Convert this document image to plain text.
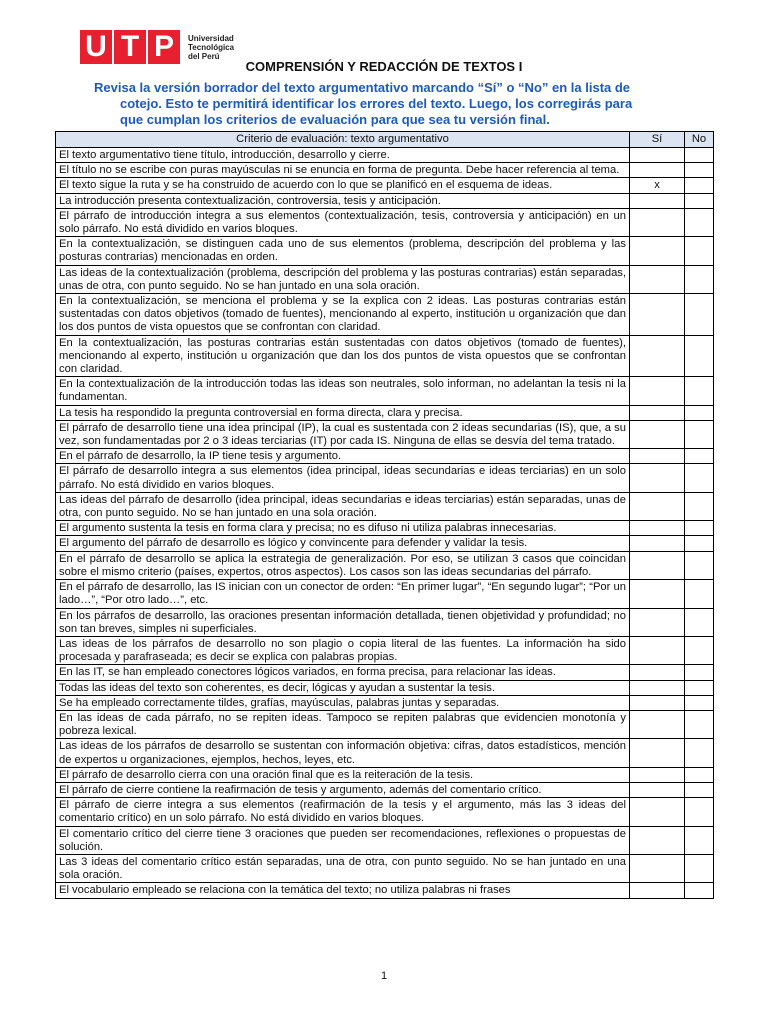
U T P	Universidad
Tecnológica
del Perú
COMPRENSIÓN Y REDACCIÓN DE TEXTOS I
Revisa la versión borrador del texto argumentativo marcando “Sí” o “No” en la lista de cotejo. Esto te permitirá identificar los errores del texto. Luego, los corregirás para que cumplan los criterios de evaluación para que sea tu versión final.
Criterio de evaluación: texto argumentativo	Sí	No
El texto argumentativo tiene título, introducción, desarrollo y cierre.		
El título no se escribe con puras mayúsculas ni se enuncia en forma de pregunta. Debe hacer referencia al tema.		
El texto sigue la ruta y se ha construido de acuerdo con lo que se planificó en el esquema de ideas.	x	
La introducción presenta contextualización, controversia, tesis y anticipación.		
El párrafo de introducción integra a sus elementos (contextualización, tesis, controversia y anticipación) en un solo párrafo. No está dividido en varios bloques.		
En la contextualización, se distinguen cada uno de sus elementos (problema, descripción del problema y las posturas contrarias) mencionadas en orden.		
Las ideas de la contextualización (problema, descripción del problema y las posturas contrarias) están separadas, unas de otra, con punto seguido. No se han juntado en una sola oración.		
En la contextualización, se menciona el problema y se la explica con 2 ideas. Las posturas contrarias están sustentadas con datos objetivos (tomado de fuentes), mencionando al experto, institución u organización que dan los dos puntos de vista opuestos que se confrontan con claridad.		
En la contextualización, las posturas contrarias están sustentadas con datos objetivos (tomado de fuentes), mencionando al experto, institución u organización que dan los dos puntos de vista opuestos que se confrontan con claridad.		
En la contextualización de la introducción todas las ideas son neutrales, solo informan, no adelantan la tesis ni la fundamentan.		
La tesis ha respondido la pregunta controversial en forma directa, clara y precisa.		
El párrafo de desarrollo tiene una idea principal (IP), la cual es sustentada con 2 ideas secundarias (IS), que, a su vez, son fundamentadas por 2 o 3 ideas terciarias (IT) por cada IS. Ninguna de ellas se desvía del tema tratado.		
En el párrafo de desarrollo, la IP tiene tesis y argumento.		
El párrafo de desarrollo integra a sus elementos (idea principal, ideas secundarias e ideas terciarias) en un solo párrafo. No está dividido en varios bloques.		
Las ideas del párrafo de desarrollo (idea principal, ideas secundarias e ideas terciarias) están separadas, unas de otra, con punto seguido. No se han juntado en una sola oración.		
El argumento sustenta la tesis en forma clara y precisa; no es difuso ni utiliza palabras innecesarias.		
El argumento del párrafo de desarrollo es lógico y convincente para defender y validar la tesis.		
En el párrafo de desarrollo se aplica la estrategia de generalización. Por eso, se utilizan 3 casos que coincidan sobre el mismo criterio (países, expertos, otros aspectos). Los casos son las ideas secundarias del párrafo.		
En el párrafo de desarrollo, las IS inician con un conector de orden: “En primer lugar”, “En segundo lugar”; “Por un lado…”, “Por otro lado…”, etc.		
En los párrafos de desarrollo, las oraciones presentan información detallada, tienen objetividad y profundidad; no son tan breves, simples ni superficiales.		
Las ideas de los párrafos de desarrollo no son plagio o copia literal de las fuentes. La información ha sido procesada y parafraseada; es decir se explica con palabras propias.		
En las IT, se han empleado conectores lógicos variados, en forma precisa, para relacionar las ideas.		
Todas las ideas del texto son coherentes, es decir, lógicas y ayudan a sustentar la tesis.		
Se ha empleado correctamente tildes, grafías, mayúsculas, palabras juntas y separadas.		
En las ideas de cada párrafo, no se repiten ideas. Tampoco se repiten palabras que evidencien monotonía y pobreza lexical.		
Las ideas de los párrafos de desarrollo se sustentan con información objetiva: cifras, datos estadísticos, mención de expertos u organizaciones, ejemplos, hechos, leyes, etc.		
El párrafo de desarrollo cierra con una oración final que es la reiteración de la tesis.		
El párrafo de cierre contiene la reafirmación de tesis y argumento, además del comentario crítico.		
El párrafo de cierre integra a sus elementos (reafirmación de la tesis y el argumento, más las 3 ideas del comentario crítico) en un solo párrafo. No está dividido en varios bloques.		
El comentario crítico del cierre tiene 3 oraciones que pueden ser recomendaciones, reflexiones o propuestas de solución.		
Las 3 ideas del comentario crítico están separadas, una de otra, con punto seguido. No se han juntado en una sola oración.		
El vocabulario empleado se relaciona con la temática del texto; no utiliza palabras ni frases		
1
